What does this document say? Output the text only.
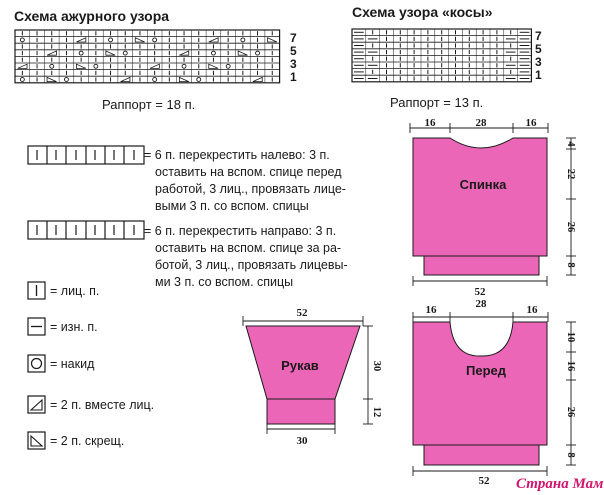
Схема ажурного узора
7
5
3
1
Раппорт = 18 п.
Схема узора «косы»
7
5
3
1
Раппорт = 13 п.
= 6 п. перекрестить налево: 3 п. оставить на вспом. спице перед работой, 3 лиц., провязать лице- выми 3 п. со вспом. спицы
= 6 п. перекрестить направо: 3 п. оставить на вспом. спице за ра- ботой, 3 лиц., провязать лицевы- ми 3 п. со вспом. спицы
= лиц. п.
= изн. п.
= накид
= 2 п. вместе лиц.
= 2 п. скрещ.
16	28	16
Спинка
4
22
26
8
52
16	28	16
Перед
10
16
26
8
52
52
Рукав	30
12
30
Страна Мам
